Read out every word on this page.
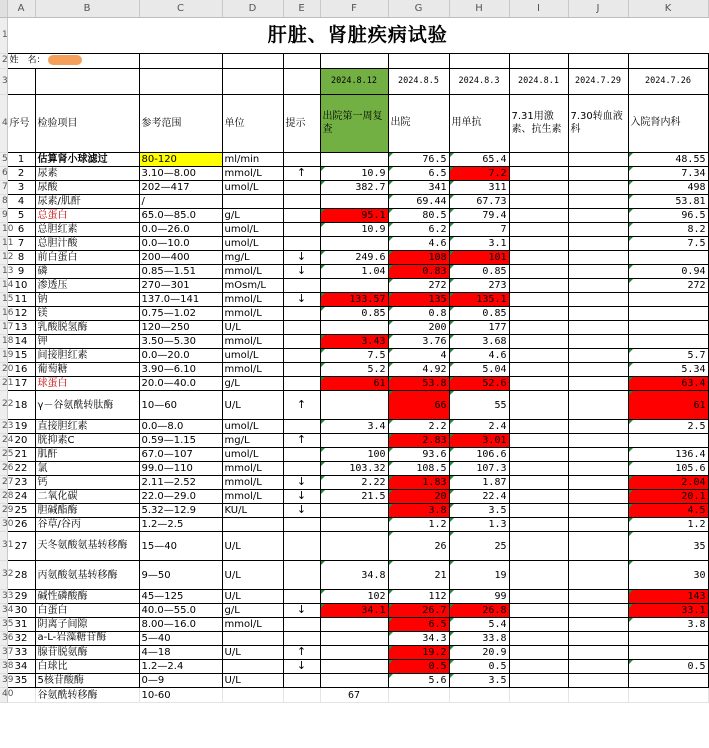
	A	B	C	D	E	F	G	H	I	J	K
1	肝脏、肾脏疾病试验										
2	姓　名：										
3						2024.8.12	2024.8.5	2024.8.3	2024.8.1	2024.7.29	2024.7.26
4	序号	检验项目	参考范围	单位	提示	出院第一周复查	出院	用单抗	7.31用激素、抗生素	7.30转血液科	入院肾内科
5	1	估算肾小球滤过	80-120	ml/min			76.5	65.4			48.55
6	2	尿素	3.10—8.00	mmol/L	↑	10.9	6.5	7.2			7.34
7	3	尿酸	202—417	umol/L		382.7	341	311			498
8	4	尿素/肌酐	/				69.44	67.73			53.81
9	5	总蛋白	65.0—85.0	g/L		95.1	80.5	79.4			96.5
10	6	总胆红素	0.0—26.0	umol/L		10.9	6.2	7			8.2
11	7	总胆汁酸	0.0—10.0	umol/L			4.6	3.1			7.5
12	8	前白蛋白	200—400	mg/L	↓	249.6	108	101			
13	9	磷	0.85—1.51	mmol/L	↓	1.04	0.83	0.85			0.94
14	10	渗透压	270—301	mOsm/L			272	273			272
15	11	钠	137.0—141	mmol/L	↓	133.57	135	135.1			
16	12	镁	0.75—1.02	mmol/L		0.85	0.8	0.85			
17	13	乳酸脱氢酶	120—250	U/L			200	177			
18	14	钾	3.50—5.30	mmol/L		3.43	3.76	3.68			
19	15	间接胆红素	0.0—20.0	umol/L		7.5	4	4.6			5.7
20	16	葡萄糖	3.90—6.10	mmol/L		5.2	4.92	5.04			5.34
21	17	球蛋白	20.0—40.0	g/L		61	53.8	52.6			63.4
22	18	γ－谷氨酰转肽酶	10—60	U/L	↑		66	55			61
23	19	直接胆红素	0.0—8.0	umol/L		3.4	2.2	2.4			2.5
24	20	胱抑素C	0.59—1.15	mg/L	↑		2.83	3.01			
25	21	肌酐	67.0—107	umol/L		100	93.6	106.6			136.4
26	22	氯	99.0—110	mmol/L		103.32	108.5	107.3			105.6
27	23	钙	2.11—2.52	mmol/L	↓	2.22	1.83	1.87			2.04
28	24	二氧化碳	22.0—29.0	mmol/L	↓	21.5	20	22.4			20.1
29	25	胆碱酯酶	5.32—12.9	KU/L	↓		3.8	3.5			4.5
30	26	谷草/谷丙	1.2—2.5				1.2	1.3			1.2
31	27	天冬氨酸氨基转移酶	15—40	U/L			26	25			35
32	28	丙氨酸氨基转移酶	9—50	U/L		34.8	21	19			30
33	29	碱性磷酸酶	45—125	U/L		102	112	99			143
34	30	白蛋白	40.0—55.0	g/L	↓	34.1	26.7	26.8			33.1
35	31	阴离子间隙	8.00—16.0	mmol/L			6.5	5.4			3.8
36	32	a-L-岩藻糖苷酶	5—40				34.3	33.8			
37	33	腺苷脱氨酶	4—18	U/L	↑		19.2	20.9			
38	34	白球比	1.2—2.4		↓		0.5	0.5			0.5
39	35	5核苷酸酶	0—9	U/L			5.6	3.5			
40		谷氨酰转移酶	10-60			67					
